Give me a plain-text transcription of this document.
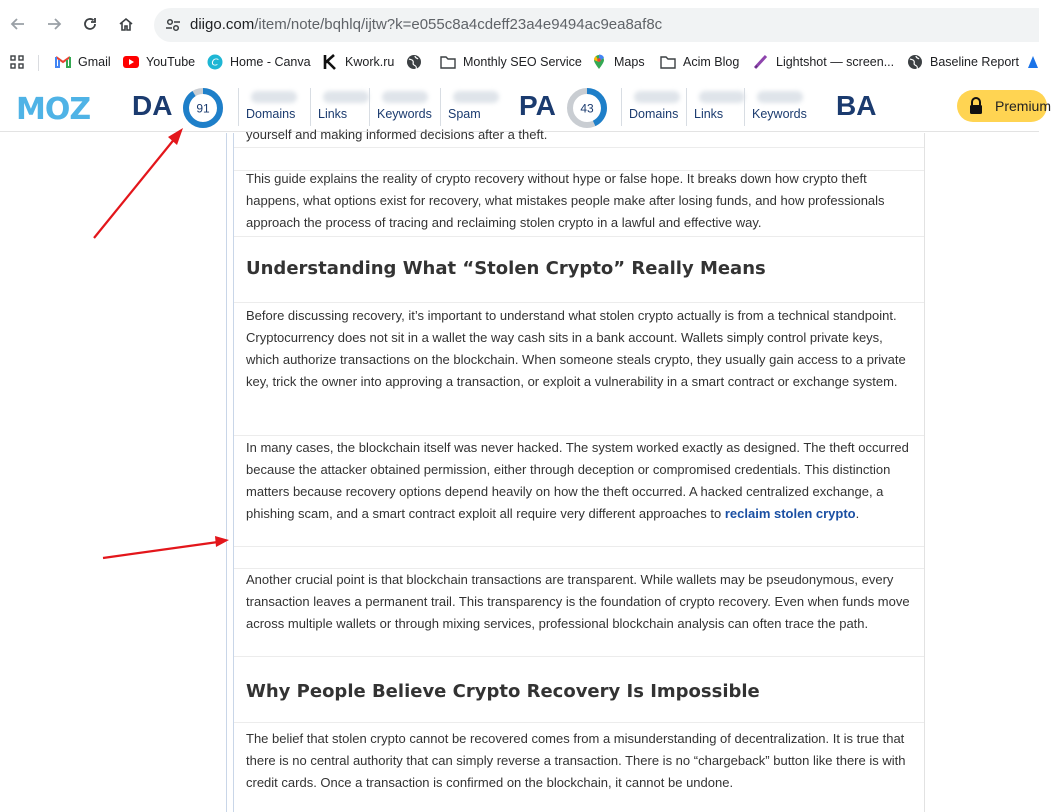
diigo.com/item/note/bqhlq/ijtw?k=e055c8a4cdeff23a4e9494ac9ea8af8c
Gmail	YouTube C Home - Canva	Kwork.ru	Monthly SEO Service	Maps	Acim Blog	Lightshot — screen...	Baseline Report
MOZ DA 91	Domains Links Keywords Spam PA 43	Domains Links Keywords BA	Premium

yourself and making informed decisions after a theft.

This guide explains the reality of crypto recovery without hype or false hope. It breaks down how crypto theft happens, what options exist for recovery, what mistakes people make after losing funds, and how professionals approach the process of tracing and reclaiming stolen crypto in a lawful and effective way.

Understanding What “Stolen Crypto” Really Means

Before discussing recovery, it’s important to understand what stolen crypto actually is from a technical standpoint. Cryptocurrency does not sit in a wallet the way cash sits in a bank account. Wallets simply control private keys, which authorize transactions on the blockchain. When someone steals crypto, they usually gain access to a private key, trick the owner into approving a transaction, or exploit a vulnerability in a smart contract or exchange system.

In many cases, the blockchain itself was never hacked. The system worked exactly as designed. The theft occurred because the attacker obtained permission, either through deception or compromised credentials. This distinction matters because recovery options depend heavily on how the theft occurred. A hacked centralized exchange, a phishing scam, and a smart contract exploit all require very different approaches to reclaim stolen crypto.

Another crucial point is that blockchain transactions are transparent. While wallets may be pseudonymous, every transaction leaves a permanent trail. This transparency is the foundation of crypto recovery. Even when funds move across multiple wallets or through mixing services, professional blockchain analysis can often trace the path.

Why People Believe Crypto Recovery Is Impossible

The belief that stolen crypto cannot be recovered comes from a misunderstanding of decentralization. It is true that there is no central authority that can simply reverse a transaction. There is no “chargeback” button like there is with credit cards. Once a transaction is confirmed on the blockchain, it cannot be undone.
